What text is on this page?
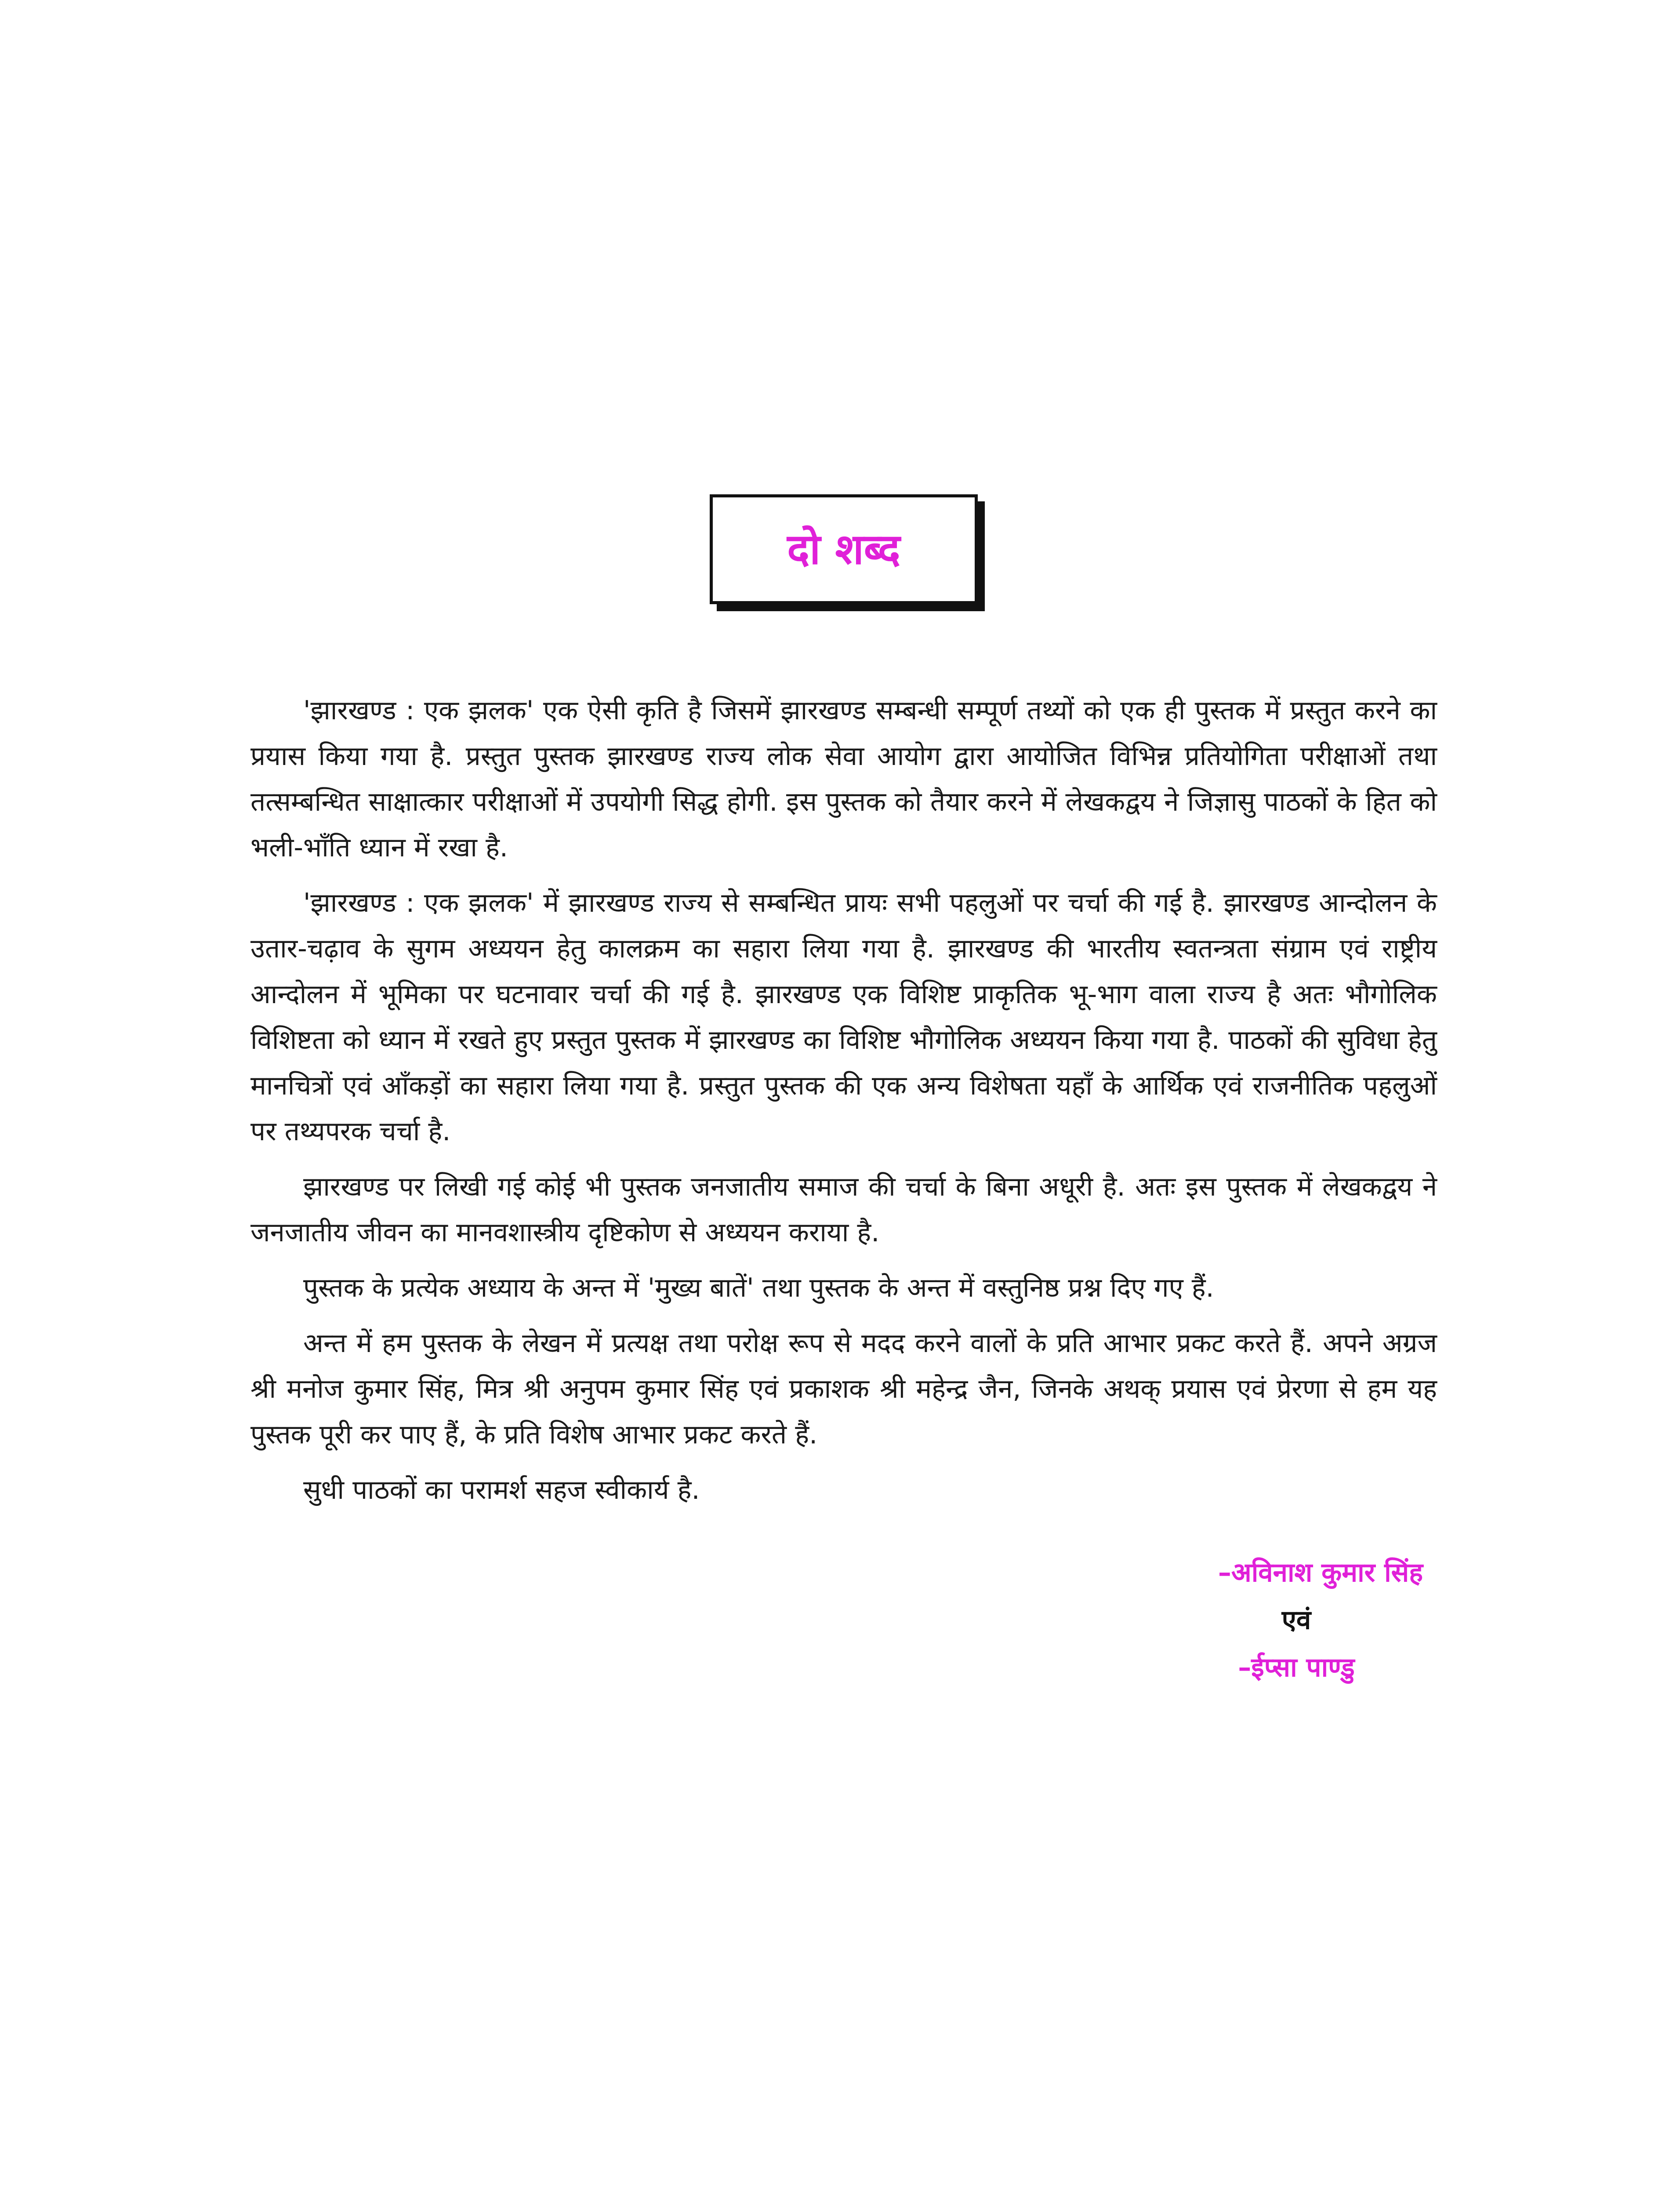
दो शब्द

'झारखण्ड : एक झलक' एक ऐसी कृति है जिसमें झारखण्ड सम्बन्धी सम्पूर्ण तथ्यों को एक ही पुस्तक में प्रस्तुत करने का प्रयास किया गया है. प्रस्तुत पुस्तक झारखण्ड राज्य लोक सेवा आयोग द्वारा आयोजित विभिन्न प्रतियोगिता परीक्षाओं तथा तत्सम्बन्धित साक्षात्कार परीक्षाओं में उपयोगी सिद्ध होगी. इस पुस्तक को तैयार करने में लेखकद्वय ने जिज्ञासु पाठकों के हित को भली-भाँति ध्यान में रखा है.

'झारखण्ड : एक झलक' में झारखण्ड राज्य से सम्बन्धित प्रायः सभी पहलुओं पर चर्चा की गई है. झारखण्ड आन्दोलन के उतार-चढ़ाव के सुगम अध्ययन हेतु कालक्रम का सहारा लिया गया है. झारखण्ड की भारतीय स्वतन्त्रता संग्राम एवं राष्ट्रीय आन्दोलन में भूमिका पर घटनावार चर्चा की गई है. झारखण्ड एक विशिष्ट प्राकृतिक भू-भाग वाला राज्य है अतः भौगोलिक विशिष्टता को ध्यान में रखते हुए प्रस्तुत पुस्तक में झारखण्ड का विशिष्ट भौगोलिक अध्ययन किया गया है. पाठकों की सुविधा हेतु मानचित्रों एवं आँकड़ों का सहारा लिया गया है. प्रस्तुत पुस्तक की एक अन्य विशेषता यहाँ के आर्थिक एवं राजनीतिक पहलुओं पर तथ्यपरक चर्चा है.

झारखण्ड पर लिखी गई कोई भी पुस्तक जनजातीय समाज की चर्चा के बिना अधूरी है. अतः इस पुस्तक में लेखकद्वय ने जनजातीय जीवन का मानवशास्त्रीय दृष्टिकोण से अध्ययन कराया है.

पुस्तक के प्रत्येक अध्याय के अन्त में 'मुख्य बातें' तथा पुस्तक के अन्त में वस्तुनिष्ठ प्रश्न दिए गए हैं.

अन्त में हम पुस्तक के लेखन में प्रत्यक्ष तथा परोक्ष रूप से मदद करने वालों के प्रति आभार प्रकट करते हैं. अपने अग्रज श्री मनोज कुमार सिंह, मित्र श्री अनुपम कुमार सिंह एवं प्रकाशक श्री महेन्द्र जैन, जिनके अथक् प्रयास एवं प्रेरणा से हम यह पुस्तक पूरी कर पाए हैं, के प्रति विशेष आभार प्रकट करते हैं.

सुधी पाठकों का परामर्श सहज स्वीकार्य है.

–अविनाश कुमार सिंह
एवं
–ईप्सा पाण्डु
